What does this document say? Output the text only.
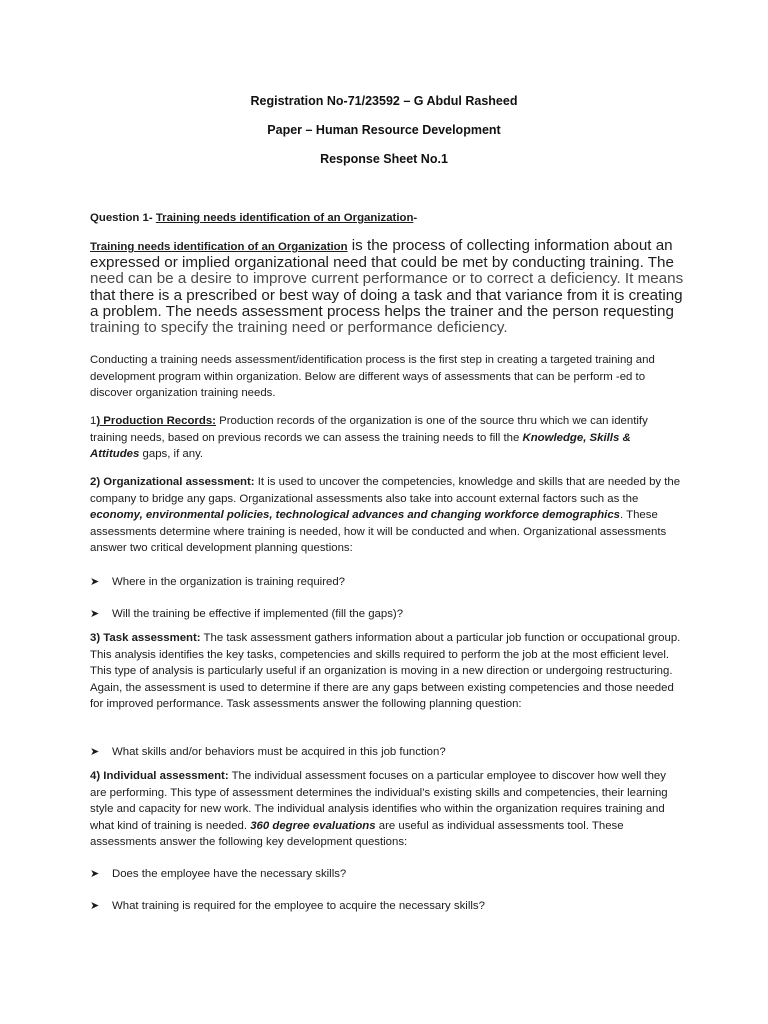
Registration No-71/23592 – G Abdul Rasheed
Paper – Human Resource Development
Response Sheet No.1
Question 1- Training needs identification of an Organization-
Training needs identification of an Organization is the process of collecting information about an expressed or implied organizational need that could be met by conducting training. The need can be a desire to improve current performance or to correct a deficiency. It means that there is a prescribed or best way of doing a task and that variance from it is creating a problem. The needs assessment process helps the trainer and the person requesting training to specify the training need or performance deficiency.
Conducting a training needs assessment/identification process is the first step in creating a targeted training and development program within organization. Below are different ways of assessments that can be perform -ed to discover organization training needs.
1) Production Records: Production records of the organization is one of the source thru which we can identify training needs, based on previous records we can assess the training needs to fill the Knowledge, Skills & Attitudes gaps, if any.
2) Organizational assessment: It is used to uncover the competencies, knowledge and skills that are needed by the company to bridge any gaps. Organizational assessments also take into account external factors such as the economy, environmental policies, technological advances and changing workforce demographics. These assessments determine where training is needed, how it will be conducted and when. Organizational assessments answer two critical development planning questions:
➤ Where in the organization is training required?
➤ Will the training be effective if implemented (fill the gaps)?
3) Task assessment: The task assessment gathers information about a particular job function or occupational group. This analysis identifies the key tasks, competencies and skills required to perform the job at the most efficient level. This type of analysis is particularly useful if an organization is moving in a new direction or undergoing restructuring. Again, the assessment is used to determine if there are any gaps between existing competencies and those needed for improved performance. Task assessments answer the following planning question:
➤ What skills and/or behaviors must be acquired in this job function?
4) Individual assessment: The individual assessment focuses on a particular employee to discover how well they are performing. This type of assessment determines the individual’s existing skills and competencies, their learning style and capacity for new work. The individual analysis identifies who within the organization requires training and what kind of training is needed. 360 degree evaluations are useful as individual assessments tool. These assessments answer the following key development questions:
➤ Does the employee have the necessary skills?
➤ What training is required for the employee to acquire the necessary skills?
